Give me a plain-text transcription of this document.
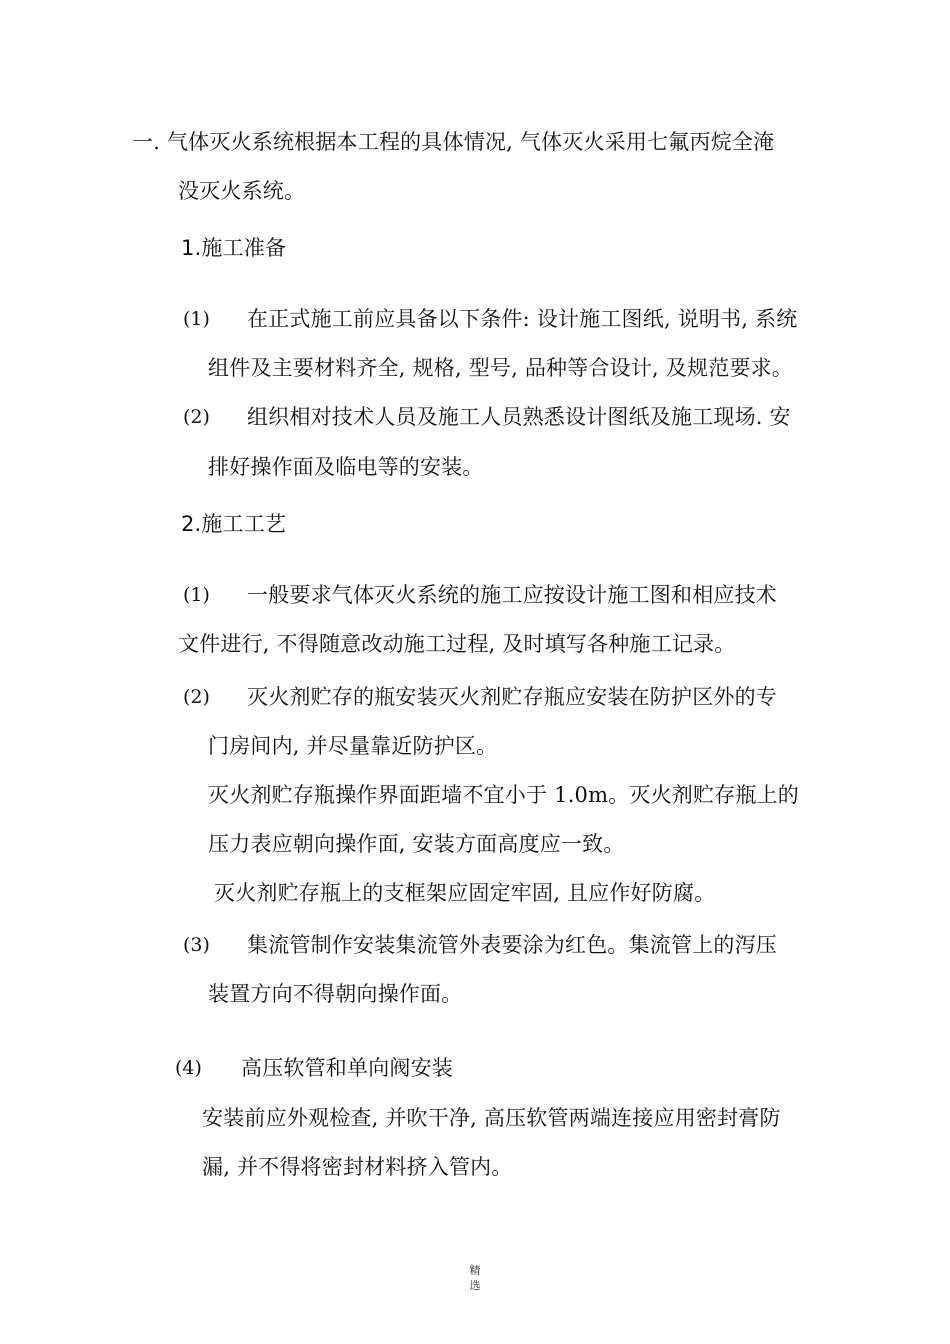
一. 气体灭火系统根据本工程的具体情况, 气体灭火采用七氟丙烷全淹
没灭火系统。
1.施工准备
(1) 在正式施工前应具备以下条件: 设计施工图纸, 说明书, 系统
组件及主要材料齐全, 规格, 型号, 品种等合设计, 及规范要求。
(2) 组织相对技术人员及施工人员熟悉设计图纸及施工现场. 安
排好操作面及临电等的安装。
2.施工工艺
(1) 一般要求气体灭火系统的施工应按设计施工图和相应技术
文件进行, 不得随意改动施工过程, 及时填写各种施工记录。
(2) 灭火剂贮存的瓶安装灭火剂贮存瓶应安装在防护区外的专
门房间内, 并尽量靠近防护区。
灭火剂贮存瓶操作界面距墙不宜小于 1.0m。灭火剂贮存瓶上的
压力表应朝向操作面, 安装方面高度应一致。
灭火剂贮存瓶上的支框架应固定牢固, 且应作好防腐。
(3) 集流管制作安装集流管外表要涂为红色。集流管上的泻压
装置方向不得朝向操作面。
(4) 高压软管和单向阀安装
安装前应外观检查, 并吹干净, 高压软管两端连接应用密封膏防
漏, 并不得将密封材料挤入管内。
精
选
